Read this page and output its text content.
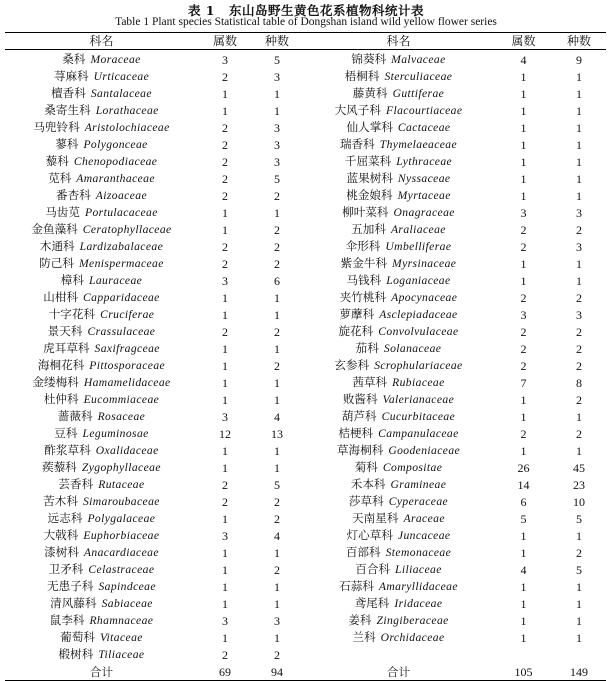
表 1 东山岛野生黄色花系植物科统计表
Table 1 Plant species Statistical table of Dongshan island wild yellow flower series
科名	属数	种数	科名	属数	种数
桑科 Moraceae	3	5	锦葵科 Malvaceae	4	9
荨麻科 Urticaceae	2	3	梧桐科 Sterculiaceae	1	1
檀香科 Santalaceae	1	1	藤黄科 Guttiferae	1	1
桑寄生科 Lorathaceae	1	1	大风子科 Flacourtiaceae	1	1
马兜铃科 Aristolochiaceae	2	3	仙人掌科 Cactaceae	1	1
蓼科 Polygonceae	2	3	瑞香科 Thymelaeaceae	1	1
藜科 Chenopodiaceae	2	3	千屈菜科 Lythraceae	1	1
苋科 Amaranthaceae	2	5	蓝果树科 Nyssaceae	1	1
番杏科 Aizoaceae	2	2	桃金娘科 Myrtaceae	1	1
马齿苋 Portulacaceae	1	1	柳叶菜科 Onagraceae	3	3
金鱼藻科 Ceratophyllaceae	1	2	五加科 Araliaceae	2	2
木通科 Lardizabalaceae	2	2	伞形科 Umbelliferae	2	3
防己科 Menispermaceae	2	2	紫金牛科 Myrsinaceae	1	1
樟科 Lauraceae	3	6	马钱科 Loganiaceae	1	1
山柑科 Capparidaceae	1	1	夹竹桃科 Apocynaceae	2	2
十字花科 Cruciferae	1	1	萝藦科 Asclepiadaceae	3	3
景天科 Crassulaceae	2	2	旋花科 Convolvulaceae	2	2
虎耳草科 Saxifragceae	1	1	茄科 Solanaceae	2	2
海桐花科 Pittosporaceae	1	2	玄参科 Scrophulariaceae	2	2
金缕梅科 Hamamelidaceae	1	1	茜草科 Rubiaceae	7	8
杜仲科 Eucommiaceae	1	1	败酱科 Valerianaceae	1	2
蔷薇科 Rosaceae	3	4	葫芦科 Cucurbitaceae	1	1
豆科 Leguminosae	12	13	桔梗科 Campanulaceae	2	2
酢浆草科 Oxalidaceae	1	1	草海桐科 Goodeniaceae	1	1
蒺藜科 Zygophyllaceae	1	1	菊科 Compositae	26	45
芸香科 Rutaceae	2	5	禾本科 Gramineae	14	23
苦木科 Simaroubaceae	2	2	莎草科 Cyperaceae	6	10
远志科 Polygalaceae	1	2	天南星科 Araceae	5	5
大戟科 Euphorbiaceae	3	4	灯心草科 Juncaceae	1	1
漆树科 Anacardiaceae	1	1	百部科 Stemonaceae	1	2
卫矛科 Celastraceae	1	2	百合科 Liliaceae	4	5
无患子科 Sapindceae	1	1	石蒜科 Amaryllidaceae	1	1
清风藤科 Sabiaceae	1	1	鸢尾科 Iridaceae	1	1
鼠李科 Rhamnaceae	3	3	姜科 Zingiberaceae	1	1
葡萄科 Vitaceae	1	1	兰科 Orchidaceae	1	1
椴树科 Tiliaceae	2	2			
合计	69	94	合计	105	149
